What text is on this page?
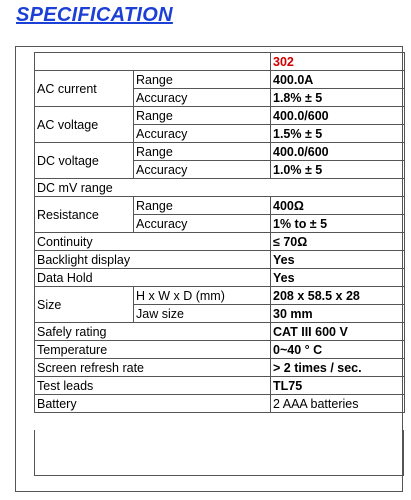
SPECIFICATION
		302
AC current	Range	400.0A
	Accuracy	1.8% ± 5
AC voltage	Range	400.0/600
	Accuracy	1.5% ± 5
DC voltage	Range	400.0/600
	Accuracy	1.0% ± 5
DC mV range		
Resistance	Range	400Ω
	Accuracy	1% to ± 5
Continuity		≤ 70Ω
Backlight display		Yes
Data Hold		Yes
Size	H x W x D (mm)	208 x 58.5 x 28
	Jaw size	30 mm
Safely rating		CAT III 600 V
Temperature		0~40 ° C
Screen refresh rate		> 2 times / sec.
Test leads		TL75
Battery		2 AAA batteries
